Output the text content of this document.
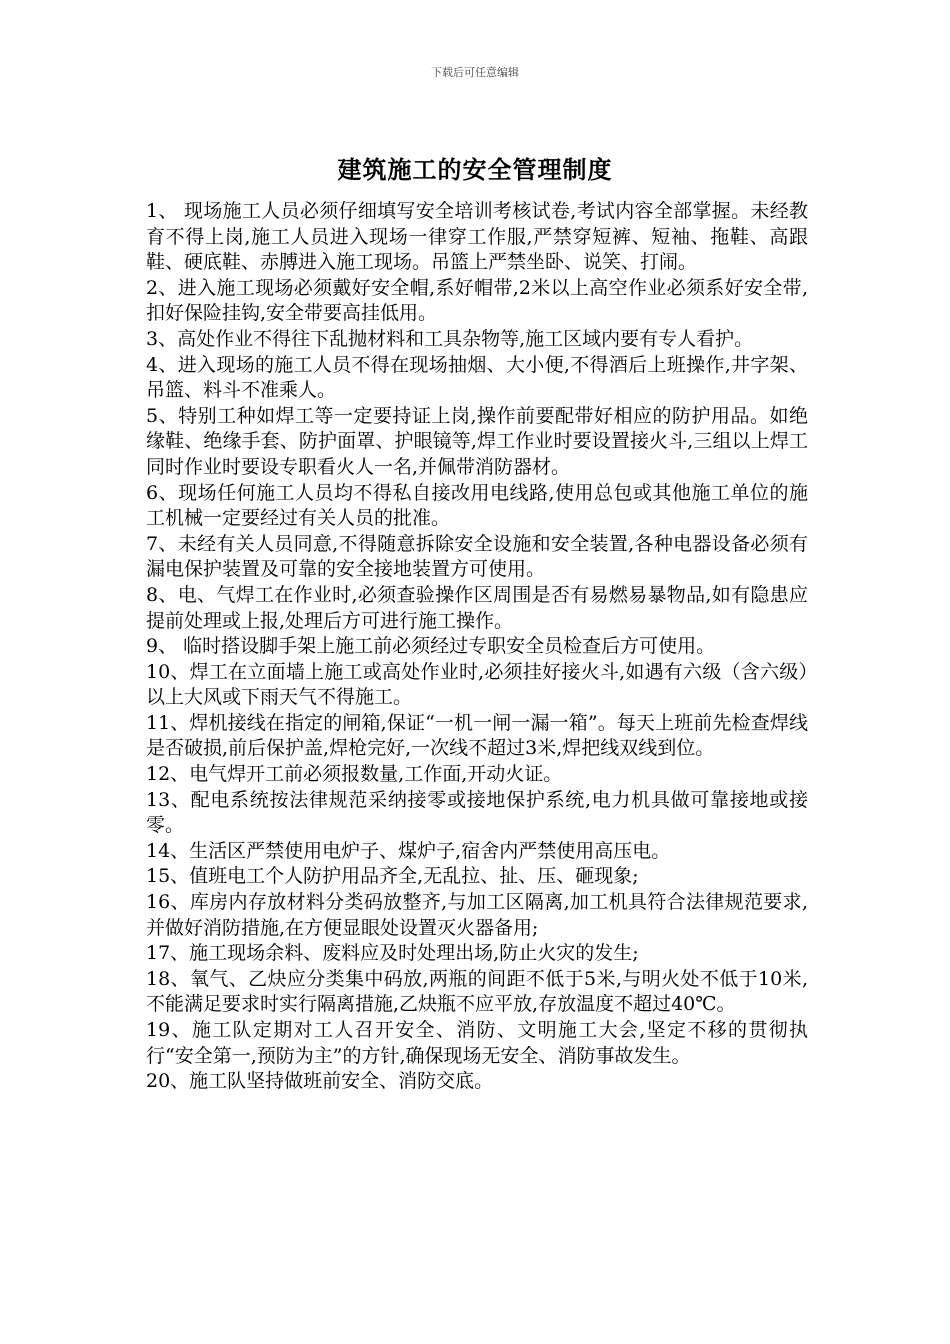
下载后可任意编辑
建筑施工的安全管理制度
1、 现场施工人员必须仔细填写安全培训考核试卷,考试内容全部掌握。未经教育不得上岗,施工人员进入现场一律穿工作服,严禁穿短裤、短袖、拖鞋、高跟鞋、硬底鞋、赤膊进入施工现场。吊篮上严禁坐卧、说笑、打闹。
2、进入施工现场必须戴好安全帽,系好帽带,2米以上高空作业必须系好安全带,扣好保险挂钩,安全带要高挂低用。
3、高处作业不得往下乱抛材料和工具杂物等,施工区域内要有专人看护。
4、进入现场的施工人员不得在现场抽烟、大小便,不得酒后上班操作,井字架、吊篮、料斗不准乘人。
5、特别工种如焊工等一定要持证上岗,操作前要配带好相应的防护用品。如绝缘鞋、绝缘手套、防护面罩、护眼镜等,焊工作业时要设置接火斗,三组以上焊工同时作业时要设专职看火人一名,并佩带消防器材。
6、现场任何施工人员均不得私自接改用电线路,使用总包或其他施工单位的施工机械一定要经过有关人员的批准。
7、未经有关人员同意,不得随意拆除安全设施和安全装置,各种电器设备必须有漏电保护装置及可靠的安全接地装置方可使用。
8、电、气焊工在作业时,必须查验操作区周围是否有易燃易暴物品,如有隐患应提前处理或上报,处理后方可进行施工操作。
9、 临时搭设脚手架上施工前必须经过专职安全员检查后方可使用。
10、焊工在立面墙上施工或高处作业时,必须挂好接火斗,如遇有六级（含六级）以上大风或下雨天气不得施工。
11、焊机接线在指定的闸箱,保证“一机一闸一漏一箱”。每天上班前先检查焊线是否破损,前后保护盖,焊枪完好,一次线不超过3米,焊把线双线到位。
12、电气焊开工前必须报数量,工作面,开动火证。
13、配电系统按法律规范采纳接零或接地保护系统,电力机具做可靠接地或接零。
14、生活区严禁使用电炉子、煤炉子,宿舍内严禁使用高压电。
15、值班电工个人防护用品齐全,无乱拉、扯、压、砸现象;
16、库房内存放材料分类码放整齐,与加工区隔离,加工机具符合法律规范要求,并做好消防措施,在方便显眼处设置灭火器备用;
17、施工现场余料、废料应及时处理出场,防止火灾的发生;
18、氧气、乙炔应分类集中码放,两瓶的间距不低于5米,与明火处不低于10米,不能满足要求时实行隔离措施,乙炔瓶不应平放,存放温度不超过40℃。
19、施工队定期对工人召开安全、消防、文明施工大会,坚定不移的贯彻执行“安全第一,预防为主”的方针,确保现场无安全、消防事故发生。
20、施工队坚持做班前安全、消防交底。
